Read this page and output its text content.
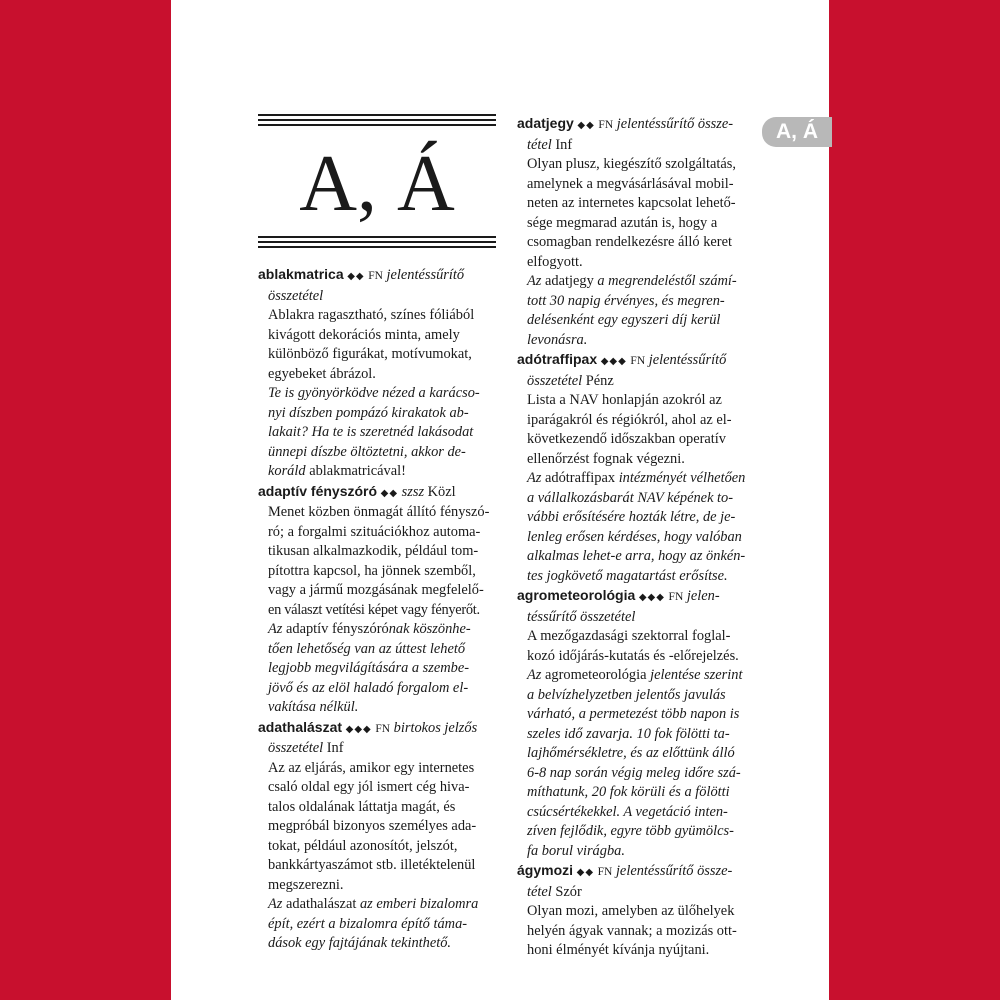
A, Á
A, Á
ablakmatrica ◆◆ FN jelentéssűrítő
összetétel
Ablakra ragasztható, színes fóliából
kivágott dekorációs minta, amely
különböző figurákat, motívumokat,
egyebeket ábrázol.
Te is gyönyörködve nézed a karácso-
nyi díszben pompázó kirakatok ab-
lakait? Ha te is szeretnéd lakásodat
ünnepi díszbe öltöztetni, akkor de-
koráld ablakmatricával!
adaptív fényszóró ◆◆ szsz Közl
Menet közben önmagát állító fényszó-
ró; a forgalmi szituációkhoz automa-
tikusan alkalmazkodik, például tom-
pítottra kapcsol, ha jönnek szemből,
vagy a jármű mozgásának megfelelő-
en választ vetítési képet vagy fényerőt.
Az adaptív fényszórónak köszönhe-
tően lehetőség van az úttest lehető
legjobb megvilágítására a szembe-
jövő és az elöl haladó forgalom el-
vakítása nélkül.
adathalászat ◆◆◆ FN birtokos jelzős
összetétel Inf
Az az eljárás, amikor egy internetes
csaló oldal egy jól ismert cég hiva-
talos oldalának láttatja magát, és
megpróbál bizonyos személyes ada-
tokat, például azonosítót, jelszót,
bankkártyaszámot stb. illetéktelenül
megszerezni.
Az adathalászat az emberi bizalomra
épít, ezért a bizalomra építő táma-
dások egy fajtájának tekinthető.
adatjegy ◆◆ FN jelentéssűrítő össze-
tétel Inf
Olyan plusz, kiegészítő szolgáltatás,
amelynek a megvásárlásával mobil-
neten az internetes kapcsolat lehető-
sége megmarad azután is, hogy a
csomagban rendelkezésre álló keret
elfogyott.
Az adatjegy a megrendeléstől számí-
tott 30 napig érvényes, és megren-
delésenként egy egyszeri díj kerül
levonásra.
adótraffipax ◆◆◆ FN jelentéssűrítő
összetétel Pénz
Lista a NAV honlapján azokról az
iparágakról és régiókról, ahol az el-
következendő időszakban operatív
ellenőrzést fognak végezni.
Az adótraffipax intézményét vélhetően
a vállalkozásbarát NAV képének to-
vábbi erősítésére hozták létre, de je-
lenleg erősen kérdéses, hogy valóban
alkalmas lehet-e arra, hogy az önkén-
tes jogkövető magatartást erősítse.
agrometeorológia ◆◆◆ FN jelen-
téssűrítő összetétel
A mezőgazdasági szektorral foglal-
kozó időjárás-kutatás és -előrejelzés.
Az agrometeorológia jelentése szerint
a belvízhelyzetben jelentős javulás
várható, a permetezést több napon is
szeles idő zavarja. 10 fok fölötti ta-
lajhőmérsékletre, és az előttünk álló
6-8 nap során végig meleg időre szá-
míthatunk, 20 fok körüli és a fölötti
csúcsértékekkel. A vegetáció inten-
zíven fejlődik, egyre több gyümölcs-
fa borul virágba.
ágymozi ◆◆ FN jelentéssűrítő össze-
tétel Szór
Olyan mozi, amelyben az ülőhelyek
helyén ágyak vannak; a mozizás ott-
honi élményét kívánja nyújtani.
